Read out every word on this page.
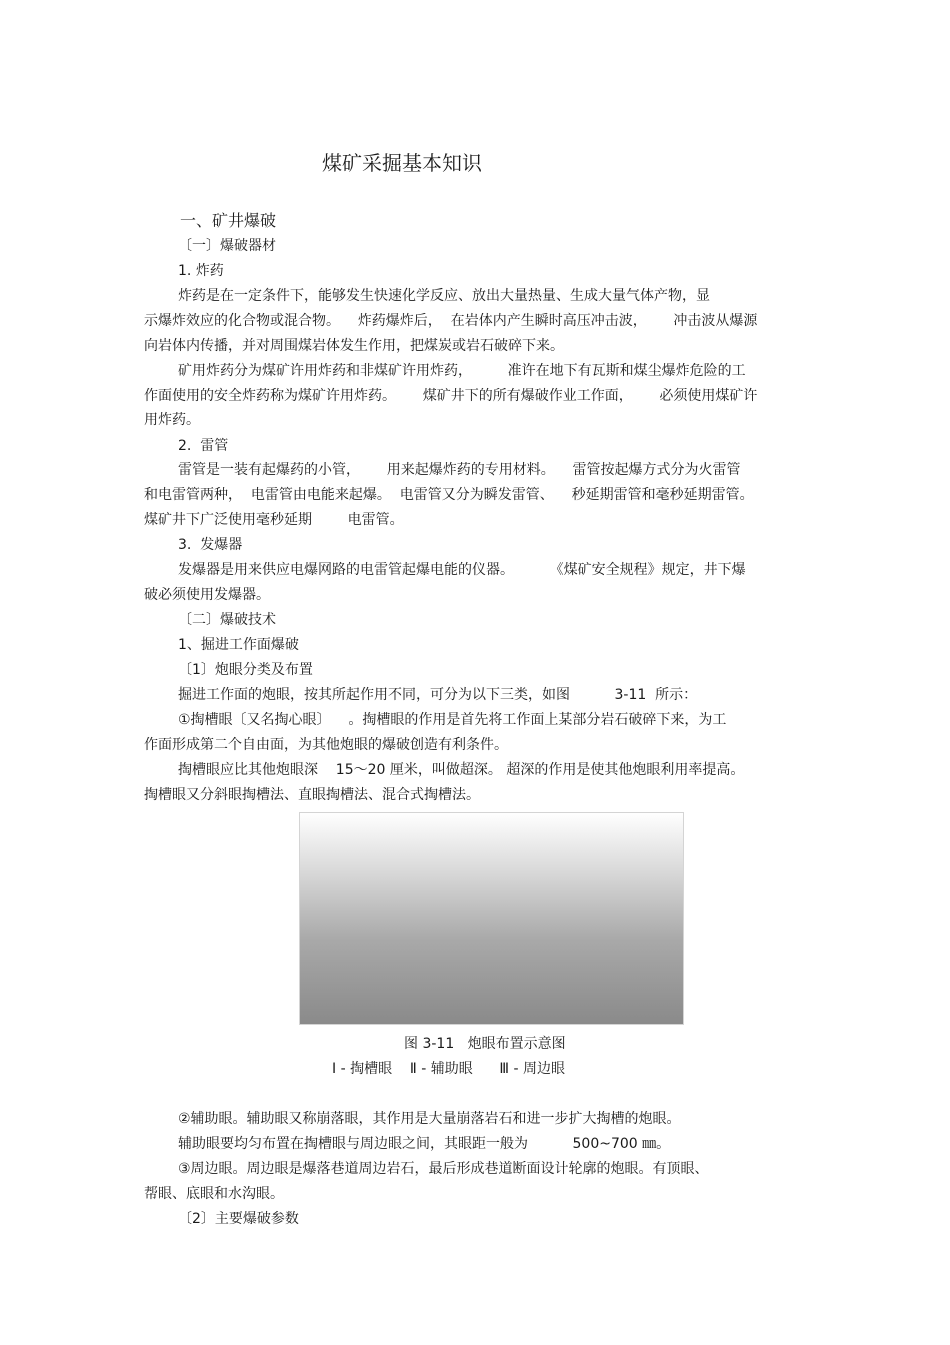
煤矿采掘基本知识
一、矿井爆破
〔一〕爆破器材
1. 炸药
炸药是在一定条件下，能够发生快速化学反应、放出大量热量、生成大量气体产物，显
示爆炸效应的化合物或混合物。    炸药爆炸后，  在岩体内产生瞬时高压冲击波，      冲击波从爆源
向岩体内传播，并对周围煤岩体发生作用，把煤炭或岩石破碎下来。
矿用炸药分为煤矿许用炸药和非煤矿许用炸药，        准许在地下有瓦斯和煤尘爆炸危险的工
作面使用的安全炸药称为煤矿许用炸药。      煤矿井下的所有爆破作业工作面，      必须使用煤矿许
用炸药。
2.  雷管
雷管是一装有起爆药的小管，      用来起爆炸药的专用材料。    雷管按起爆方式分为火雷管
和电雷管两种，  电雷管由电能来起爆。  电雷管又分为瞬发雷管、    秒延期雷管和毫秒延期雷管。
煤矿井下广泛使用毫秒延期        电雷管。
3.  发爆器
发爆器是用来供应电爆网路的电雷管起爆电能的仪器。        《煤矿安全规程》规定，井下爆
破必须使用发爆器。
〔二〕爆破技术
1、掘进工作面爆破
〔1〕炮眼分类及布置
掘进工作面的炮眼，按其所起作用不同，可分为以下三类，如图          3-11  所示：
①掏槽眼〔又名掏心眼〕    。掏槽眼的作用是首先将工作面上某部分岩石破碎下来，为工
作面形成第二个自由面，为其他炮眼的爆破创造有利条件。
掏槽眼应比其他炮眼深    15～20 厘米，叫做超深。 超深的作用是使其他炮眼利用率提高。
掏槽眼又分斜眼掏槽法、直眼掏槽法、混合式掏槽法。
图 3-11   炮眼布置示意图
Ⅰ - 掏槽眼    Ⅱ - 辅助眼      Ⅲ - 周边眼
②辅助眼。辅助眼又称崩落眼，其作用是大量崩落岩石和进一步扩大掏槽的炮眼。
辅助眼要均匀布置在掏槽眼与周边眼之间，其眼距一般为          500~700 ㎜。
③周边眼。周边眼是爆落巷道周边岩石，最后形成巷道断面设计轮廓的炮眼。有顶眼、
帮眼、底眼和水沟眼。
〔2〕主要爆破参数
